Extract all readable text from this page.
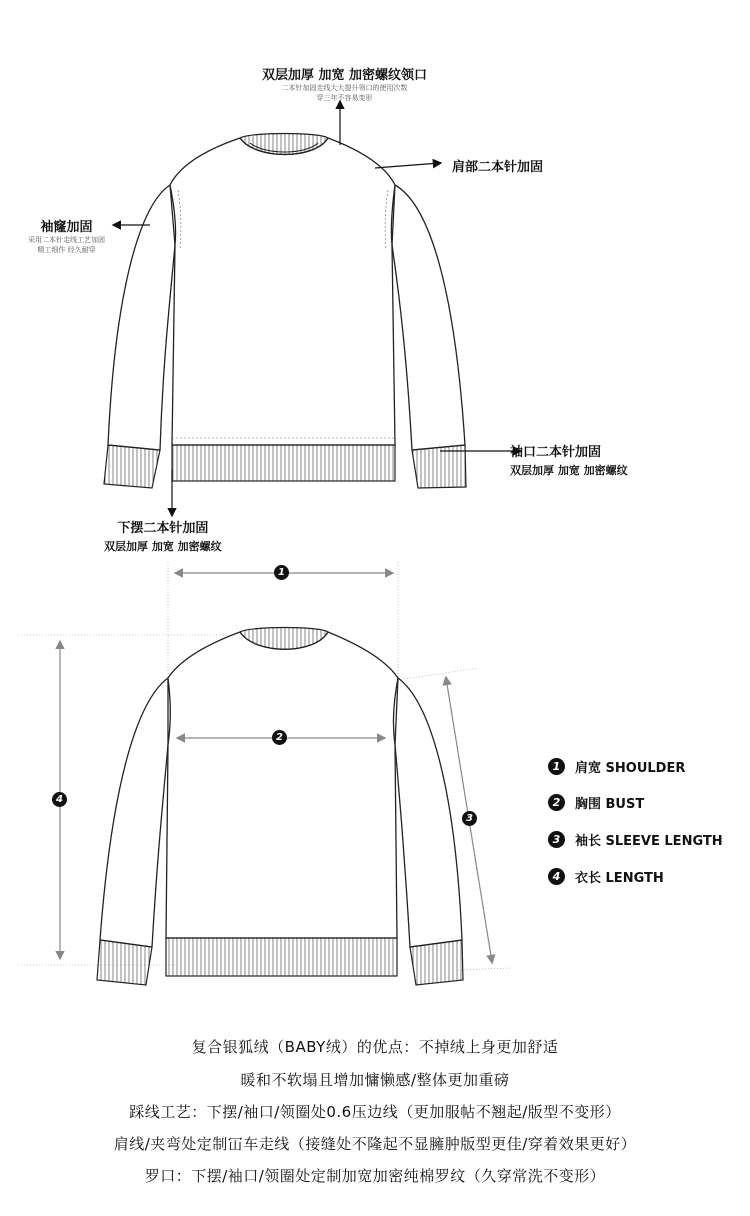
双层加厚 加宽 加密螺纹领口
二本针加固走线大大提升领口的使用次数
穿三年不容易变形
肩部二本针加固
袖窿加固
采用二本针走线工艺加固
精工细作 经久耐穿
袖口二本针加固
双层加厚 加宽 加密螺纹
下摆二本针加固
双层加厚 加宽 加密螺纹
1
2
3
4
1	肩宽 SHOULDER
2	胸围 BUST
3	袖长 SLEEVE LENGTH
4	衣长 LENGTH
复合银狐绒（BABY绒）的优点：不掉绒上身更加舒适
暖和不软塌且增加慵懒感/整体更加重磅
踩线工艺：下摆/袖口/领圈处0.6压边线（更加服帖不翘起/版型不变形）
肩线/夹弯处定制冚车走线（接缝处不隆起不显臃肿版型更佳/穿着效果更好）
罗口：下摆/袖口/领圈处定制加宽加密纯棉罗纹（久穿常洗不变形）
